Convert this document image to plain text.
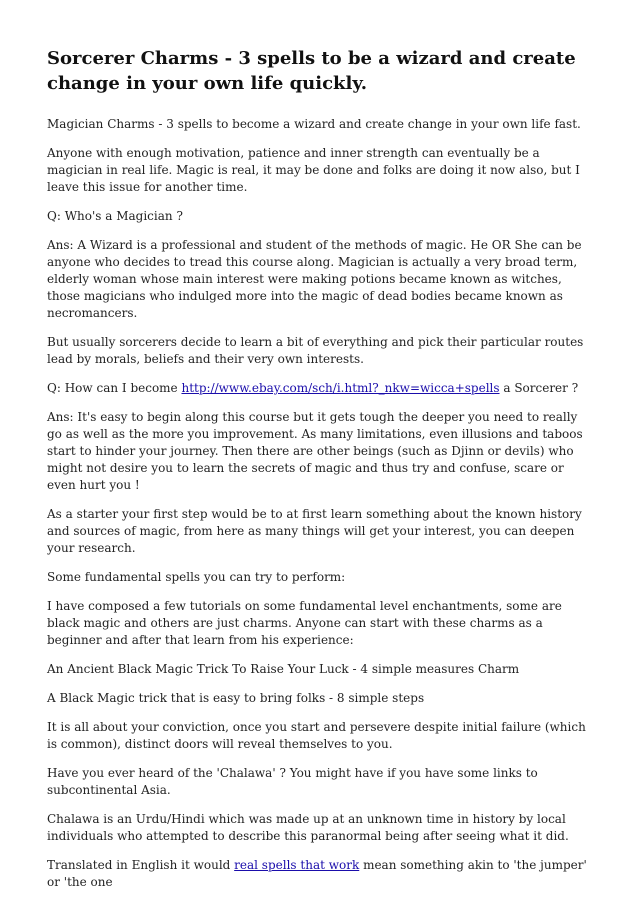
Sorcerer Charms - 3 spells to be a wizard and create change in your own life quickly.

Magician Charms - 3 spells to become a wizard and create change in your own life fast.

Anyone with enough motivation, patience and inner strength can eventually be a magician in real life. Magic is real, it may be done and folks are doing it now also, but I leave this issue for another time.

Q: Who's a Magician ?

Ans: A Wizard is a professional and student of the methods of magic. He OR She can be anyone who decides to tread this course along. Magician is actually a very broad term, elderly woman whose main interest were making potions became known as witches, those magicians who indulged more into the magic of dead bodies became known as necromancers.

But usually sorcerers decide to learn a bit of everything and pick their particular routes lead by morals, beliefs and their very own interests.

Q: How can I become http://www.ebay.com/sch/i.html?_nkw=wicca+spells a Sorcerer ?

Ans: It's easy to begin along this course but it gets tough the deeper you need to really go as well as the more you improvement. As many limitations, even illusions and taboos start to hinder your journey. Then there are other beings (such as Djinn or devils) who might not desire you to learn the secrets of magic and thus try and confuse, scare or even hurt you !

As a starter your first step would be to at first learn something about the known history and sources of magic, from here as many things will get your interest, you can deepen your research.

Some fundamental spells you can try to perform:

I have composed a few tutorials on some fundamental level enchantments, some are black magic and others are just charms. Anyone can start with these charms as a beginner and after that learn from his experience:

An Ancient Black Magic Trick To Raise Your Luck - 4 simple measures Charm

A Black Magic trick that is easy to bring folks - 8 simple steps

It is all about your conviction, once you start and persevere despite initial failure (which is common), distinct doors will reveal themselves to you.

Have you ever heard of the 'Chalawa' ? You might have if you have some links to subcontinental Asia.

Chalawa is an Urdu/Hindi which was made up at an unknown time in history by local individuals who attempted to describe this paranormal being after seeing what it did.

Translated in English it would real spells that work mean something akin to 'the jumper' or 'the one
